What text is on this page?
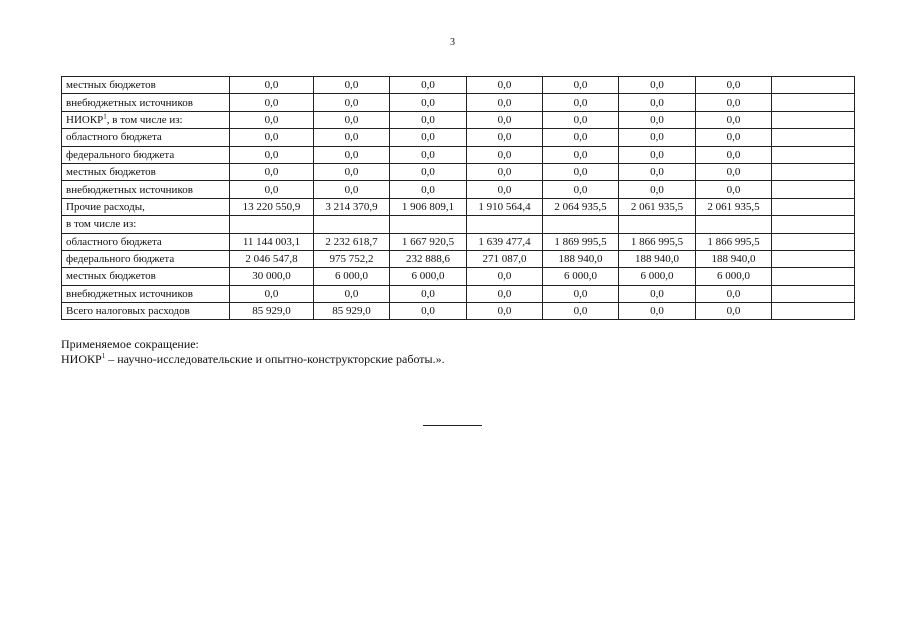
3
местных бюджетов	0,0	0,0	0,0	0,0	0,0	0,0	0,0	
внебюджетных источников	0,0	0,0	0,0	0,0	0,0	0,0	0,0	
НИОКР$^1$, в том числе из:	0,0	0,0	0,0	0,0	0,0	0,0	0,0	
областного бюджета	0,0	0,0	0,0	0,0	0,0	0,0	0,0	
федерального бюджета	0,0	0,0	0,0	0,0	0,0	0,0	0,0	
местных бюджетов	0,0	0,0	0,0	0,0	0,0	0,0	0,0	
внебюджетных источников	0,0	0,0	0,0	0,0	0,0	0,0	0,0	
Прочие расходы,	13 220 550,9	3 214 370,9	1 906 809,1	1 910 564,4	2 064 935,5	2 061 935,5	2 061 935,5	
в том числе из:								
областного бюджета	11 144 003,1	2 232 618,7	1 667 920,5	1 639 477,4	1 869 995,5	1 866 995,5	1 866 995,5	
федерального бюджета	2 046 547,8	975 752,2	232 888,6	271 087,0	188 940,0	188 940,0	188 940,0	
местных бюджетов	30 000,0	6 000,0	6 000,0	0,0	6 000,0	6 000,0	6 000,0	
внебюджетных источников	0,0	0,0	0,0	0,0	0,0	0,0	0,0	
Всего налоговых расходов	85 929,0	85 929,0	0,0	0,0	0,0	0,0	0,0	
Применяемое сокращение:
НИОКР$^1$ – научно-исследовательские и опытно-конструкторские работы.».
